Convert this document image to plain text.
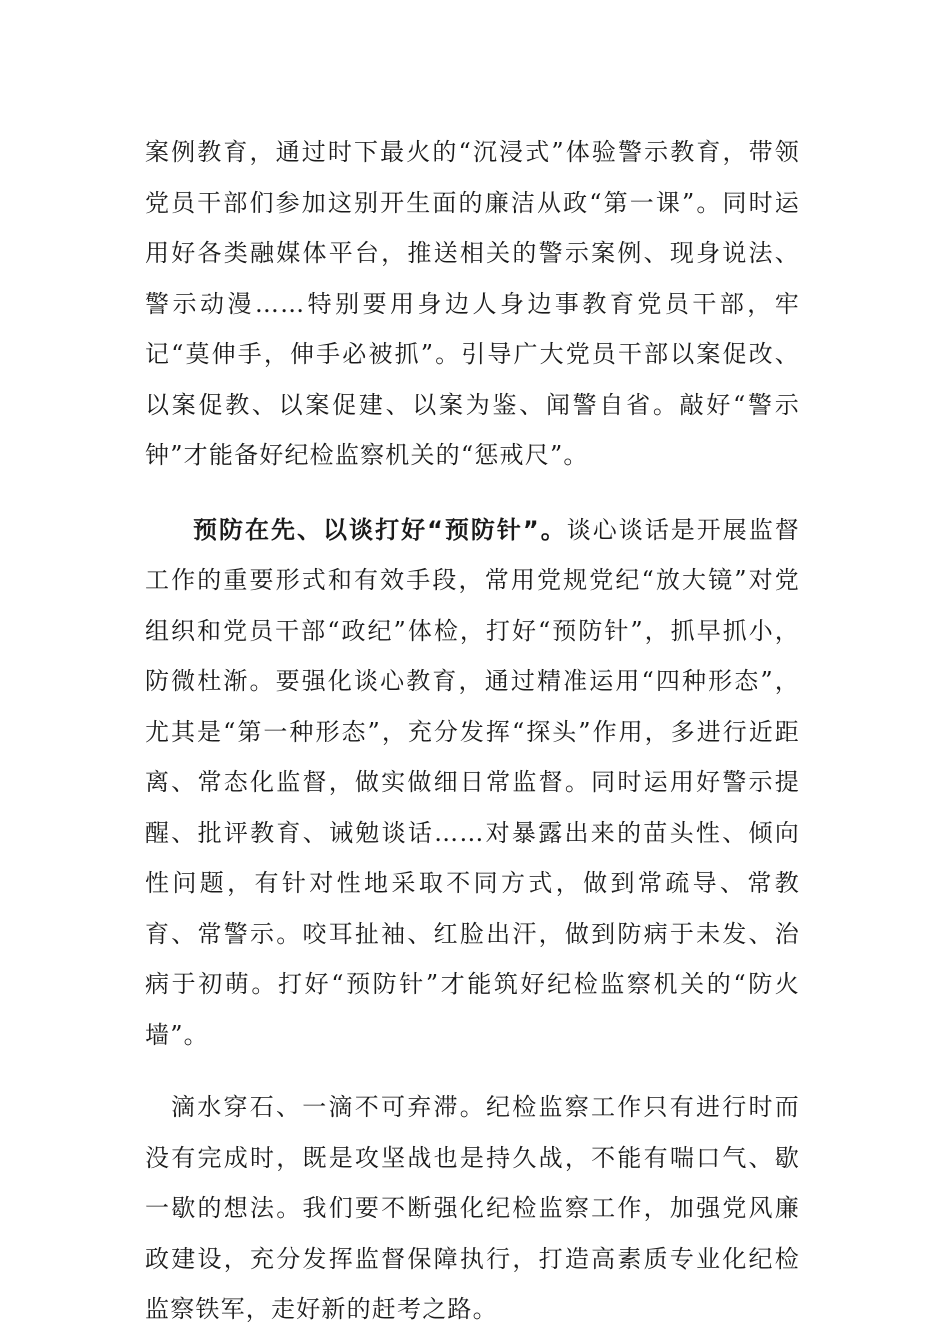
案例教育，通过时下最火的“沉浸式”体验警示教育，带领党员干部们参加这别开生面的廉洁从政“第一课”。同时运用好各类融媒体平台，推送相关的警示案例、现身说法、警示动漫……特别要用身边人身边事教育党员干部，牢记“莫伸手，伸手必被抓”。引导广大党员干部以案促改、以案促教、以案促建、以案为鉴、闻警自省。敲好“警示钟”才能备好纪检监察机关的“惩戒尺”。

预防在先、以谈打好“预防针”。谈心谈话是开展监督工作的重要形式和有效手段，常用党规党纪“放大镜”对党组织和党员干部“政纪”体检，打好“预防针”，抓早抓小，防微杜渐。要强化谈心教育，通过精准运用“四种形态”，尤其是“第一种形态”，充分发挥“探头”作用，多进行近距离、常态化监督，做实做细日常监督。同时运用好警示提醒、批评教育、诫勉谈话……对暴露出来的苗头性、倾向性问题，有针对性地采取不同方式，做到常疏导、常教育、常警示。咬耳扯袖、红脸出汗，做到防病于未发、治病于初萌。打好“预防针”才能筑好纪检监察机关的“防火墙”。

滴水穿石、一滴不可弃滞。纪检监察工作只有进行时而没有完成时，既是攻坚战也是持久战，不能有喘口气、歇一歇的想法。我们要不断强化纪检监察工作，加强党风廉政建设，充分发挥监督保障执行，打造高素质专业化纪检监察铁军，走好新的赶考之路。
